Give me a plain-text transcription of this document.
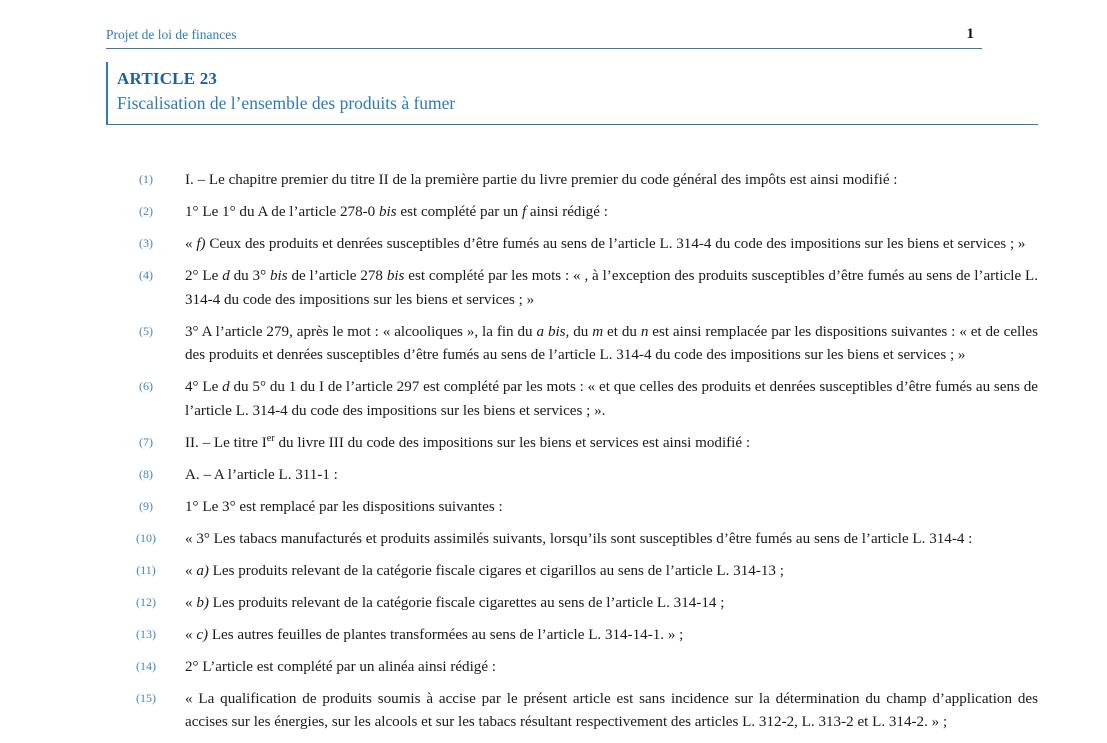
Projet de loi de finances	1
ARTICLE 23
Fiscalisation de l’ensemble des produits à fumer
(1)	I. – Le chapitre premier du titre II de la première partie du livre premier du code général des impôts est ainsi modifié :
(2)	1° Le 1° du A de l’article 278-0 bis est complété par un f ainsi rédigé :
(3)	« f) Ceux des produits et denrées susceptibles d’être fumés au sens de l’article L. 314-4 du code des impositions sur les biens et services ; »
(4)	2° Le d du 3° bis de l’article 278 bis est complété par les mots : « , à l’exception des produits susceptibles d’être fumés au sens de l’article L. 314-4 du code des impositions sur les biens et services ; »
(5)	3° A l’article 279, après le mot : « alcooliques », la fin du a bis, du m et du n est ainsi remplacée par les dispositions suivantes : « et de celles des produits et denrées susceptibles d’être fumés au sens de l’article L. 314-4 du code des impositions sur les biens et services ; »
(6)	4° Le d du 5° du 1 du I de l’article 297 est complété par les mots : « et que celles des produits et denrées susceptibles d’être fumés au sens de l’article L. 314-4 du code des impositions sur les biens et services ; ».
(7)	II. – Le titre Ier du livre III du code des impositions sur les biens et services est ainsi modifié :
(8)	A. – A l’article L. 311-1 :
(9)	1° Le 3° est remplacé par les dispositions suivantes :
(10)	« 3° Les tabacs manufacturés et produits assimilés suivants, lorsqu’ils sont susceptibles d’être fumés au sens de l’article L. 314-4 :
(11)	« a) Les produits relevant de la catégorie fiscale cigares et cigarillos au sens de l’article L. 314-13 ;
(12)	« b) Les produits relevant de la catégorie fiscale cigarettes au sens de l’article L. 314-14 ;
(13)	« c) Les autres feuilles de plantes transformées au sens de l’article L. 314-14-1. » ;
(14)	2° L’article est complété par un alinéa ainsi rédigé :
(15)	« La qualification de produits soumis à accise par le présent article est sans incidence sur la détermination du champ d’application des accises sur les énergies, sur les alcools et sur les tabacs résultant respectivement des articles L. 312-2, L. 313-2 et L. 314-2. » ;
